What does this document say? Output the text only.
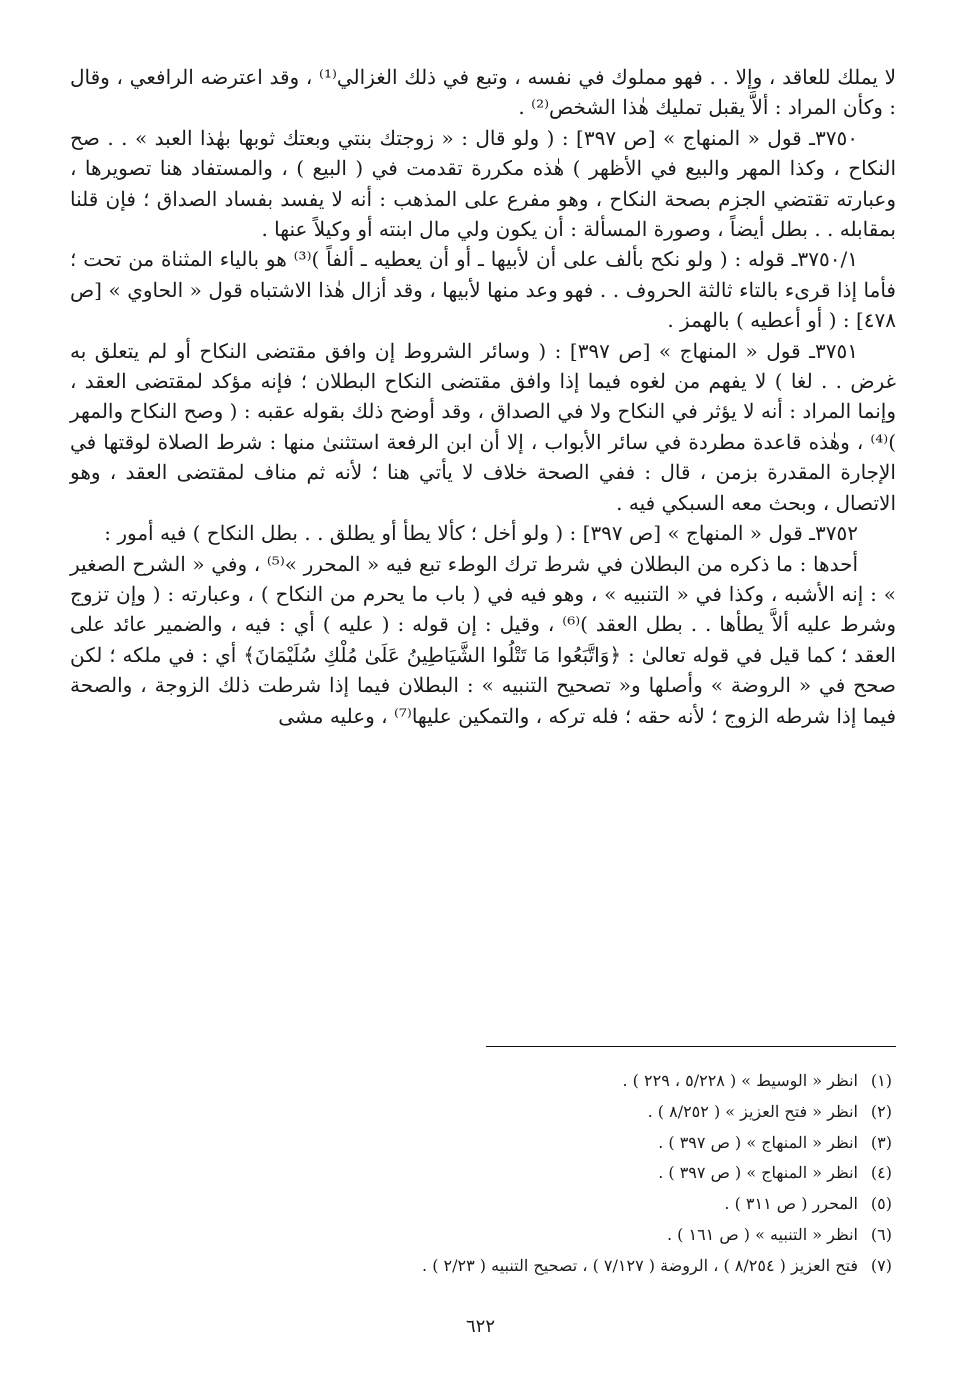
لا يملك للعاقد ، وإلا . . فهو مملوك في نفسه ، وتبع في ذلك الغزالي⁽¹⁾ ، وقد اعترضه الرافعي ، وقال : وكأن المراد : ألاَّ يقبل تمليك هٰذا الشخص⁽²⁾ .

٣٧٥٠ـ قول « المنهاج » [ص ٣٩٧] : ( ولو قال : « زوجتك بنتي وبعتك ثوبها بهٰذا العبد » . . صح النكاح ، وكذا المهر والبيع في الأظهر ) هٰذه مكررة تقدمت في ( البيع ) ، والمستفاد هنا تصويرها ، وعبارته تقتضي الجزم بصحة النكاح ، وهو مفرع على المذهب : أنه لا يفسد بفساد الصداق ؛ فإن قلنا بمقابله . . بطل أيضاً ، وصورة المسألة : أن يكون ولي مال ابنته أو وكيلاً عنها .

٣٧٥٠/١ـ قوله : ( ولو نكح بألف على أن لأبيها ـ أو أن يعطيه ـ ألفاً )⁽³⁾ هو بالياء المثناة من تحت ؛ فأما إذا قرىء بالتاء ثالثة الحروف . . فهو وعد منها لأبيها ، وقد أزال هٰذا الاشتباه قول « الحاوي » [ص ٤٧٨] : ( أو أعطيه ) بالهمز .

٣٧٥١ـ قول « المنهاج » [ص ٣٩٧] : ( وسائر الشروط إن وافق مقتضى النكاح أو لم يتعلق به غرض . . لغا ) لا يفهم من لغوه فيما إذا وافق مقتضى النكاح البطلان ؛ فإنه مؤكد لمقتضى العقد ، وإنما المراد : أنه لا يؤثر في النكاح ولا في الصداق ، وقد أوضح ذلك بقوله عقبه : ( وصح النكاح والمهر )⁽⁴⁾ ، وهٰذه قاعدة مطردة في سائر الأبواب ، إلا أن ابن الرفعة استثنىٰ منها : شرط الصلاة لوقتها في الإجارة المقدرة بزمن ، قال : ففي الصحة خلاف لا يأتي هنا ؛ لأنه ثم مناف لمقتضى العقد ، وهو الاتصال ، وبحث معه السبكي فيه .

٣٧٥٢ـ قول « المنهاج » [ص ٣٩٧] : ( ولو أخل ؛ كألا يطأ أو يطلق . . بطل النكاح ) فيه أمور :

أحدها : ما ذكره من البطلان في شرط ترك الوطء تبع فيه « المحرر »⁽⁵⁾ ، وفي « الشرح الصغير » : إنه الأشبه ، وكذا في « التنبيه » ، وهو فيه في ( باب ما يحرم من النكاح ) ، وعبارته : ( وإن تزوج وشرط عليه ألاَّ يطأها . . بطل العقد )⁽⁶⁾ ، وقيل : إن قوله : ( عليه ) أي : فيه ، والضمير عائد على العقد ؛ كما قيل في قوله تعالىٰ : ﴿وَاتَّبَعُوا مَا تَتْلُوا الشَّيَاطِينُ عَلَىٰ مُلْكِ سُلَيْمَانَ﴾ أي : في ملكه ؛ لكن صحح في « الروضة » وأصلها و« تصحيح التنبيه » : البطلان فيما إذا شرطت ذلك الزوجة ، والصحة فيما إذا شرطه الزوج ؛ لأنه حقه ؛ فله تركه ، والتمكين عليها⁽⁷⁾ ، وعليه مشى

(١)انظر « الوسيط » ( ٥/٢٢٨ ، ٢٢٩ ) .
(٢)انظر « فتح العزيز » ( ٨/٢٥٢ ) .
(٣)انظر « المنهاج » ( ص ٣٩٧ ) .
(٤)انظر « المنهاج » ( ص ٣٩٧ ) .
(٥)المحرر ( ص ٣١١ ) .
(٦)انظر « التنبيه » ( ص ١٦١ ) .
(٧)فتح العزيز ( ٨/٢٥٤ ) ، الروضة ( ٧/١٢٧ ) ، تصحيح التنبيه ( ٢/٢٣ ) .
٦٢٢
